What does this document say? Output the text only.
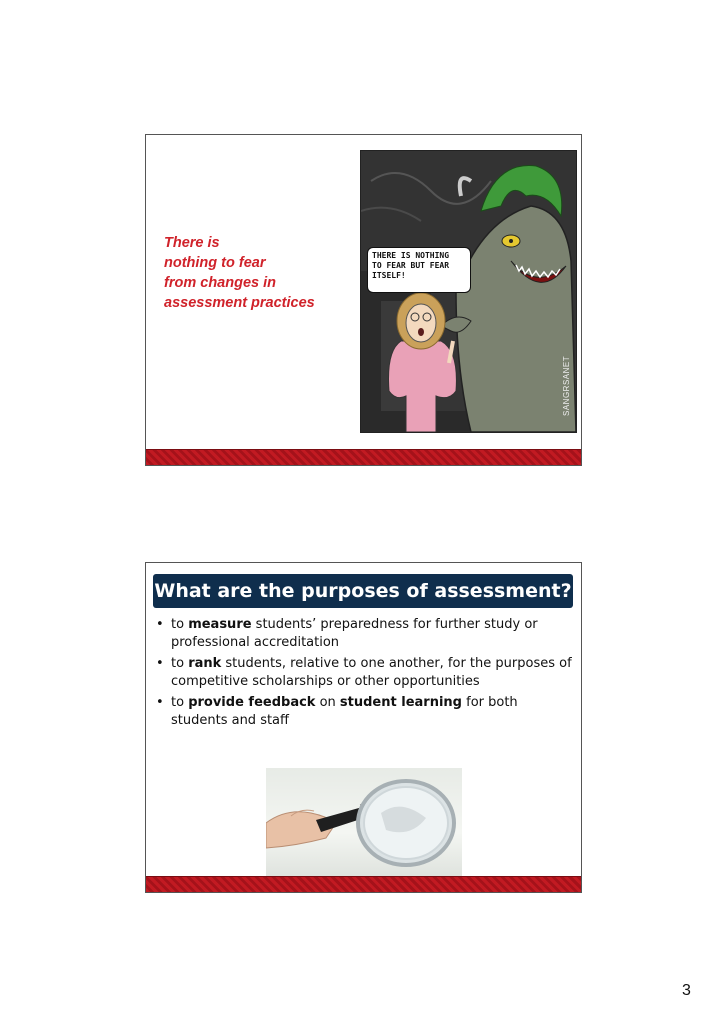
There is
nothing to fear
from changes in
assessment practices
THERE IS NOTHING
TO FEAR BUT FEAR
ITSELF!
SANGRSANET
What are the purposes of assessment?
• to measure students’ preparedness for further study or professional accreditation
• to rank students, relative to one another, for the purposes of competitive scholarships or other opportunities
• to provide feedback on student learning for both students and staff
3
